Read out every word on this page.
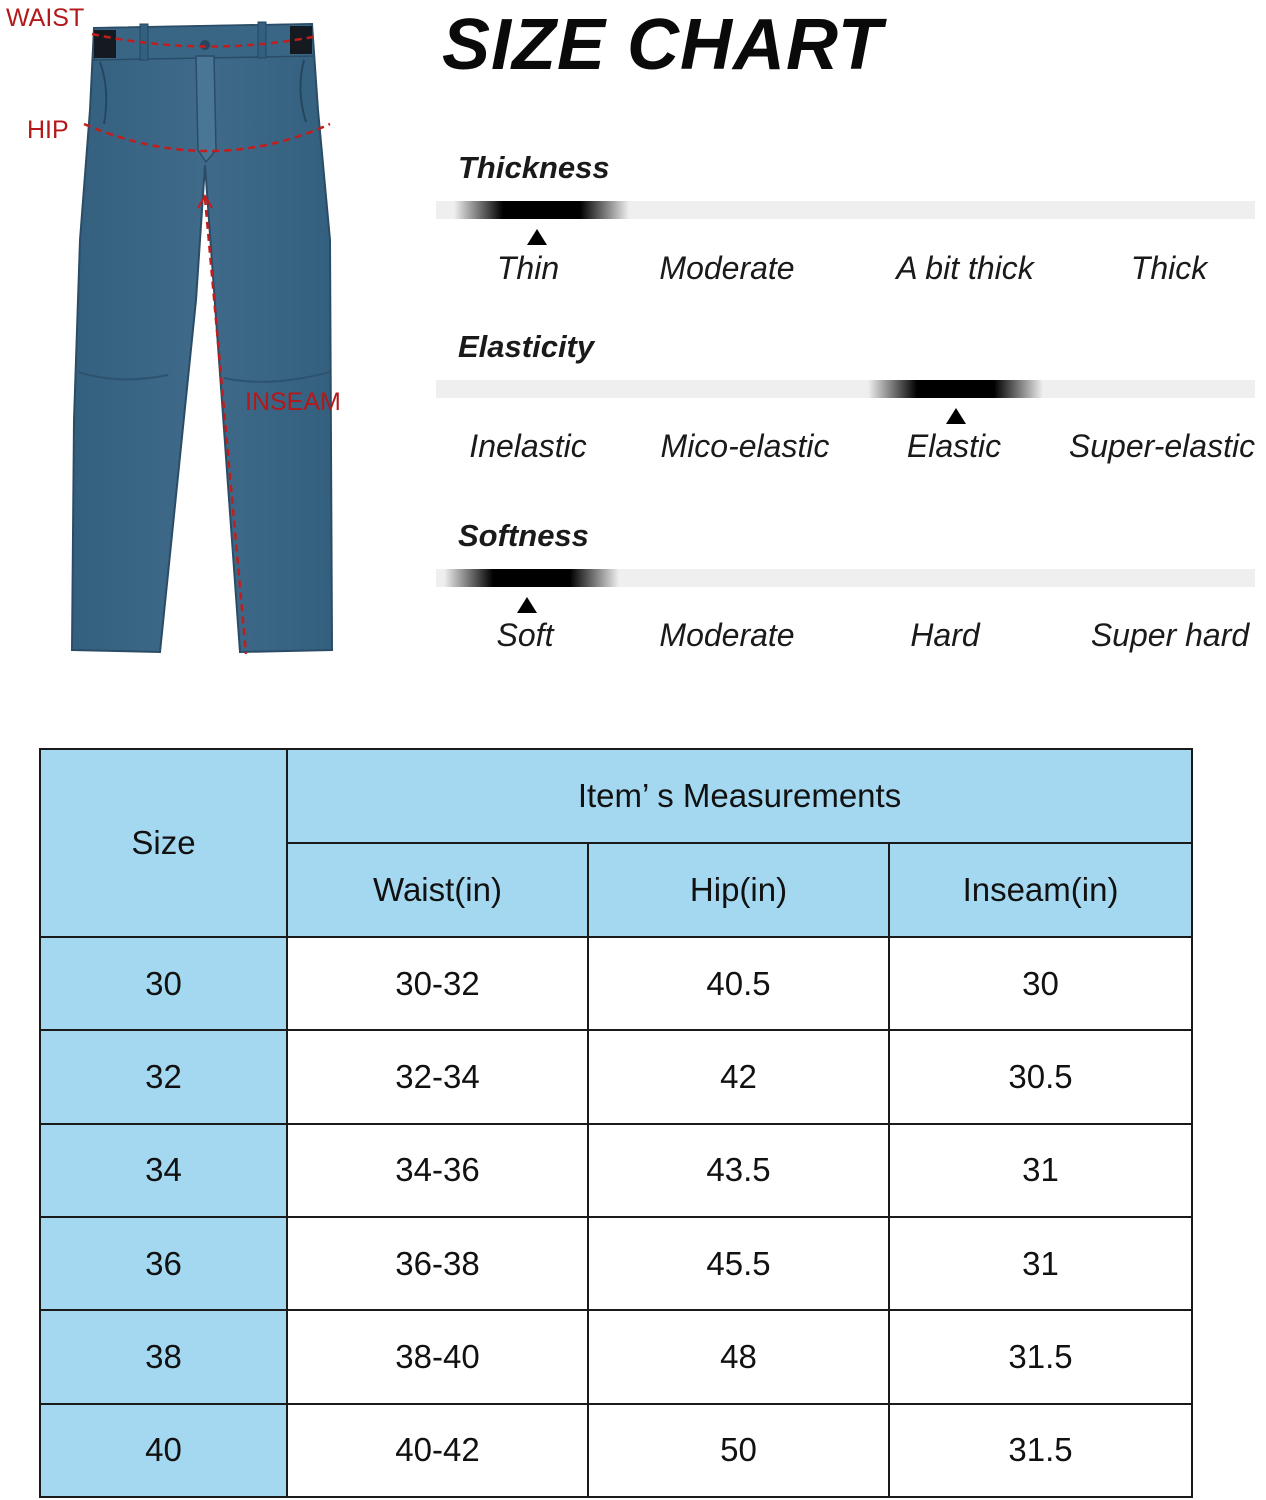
WAIST
HIP
INSEAM
SIZE CHART
Thickness
Thin	Moderate	A bit thick	Thick
Elasticity
Inelastic Mico-elastic Elastic Super-elastic
Softness
Soft	Moderate	Hard	Super hard
Size	Item’ s Measurements		
	Waist(in)	Hip(in)	Inseam(in)
30	30-32	40.5	30
32	32-34	42	30.5
34	34-36	43.5	31
36	36-38	45.5	31
38	38-40	48	31.5
40	40-42	50	31.5
